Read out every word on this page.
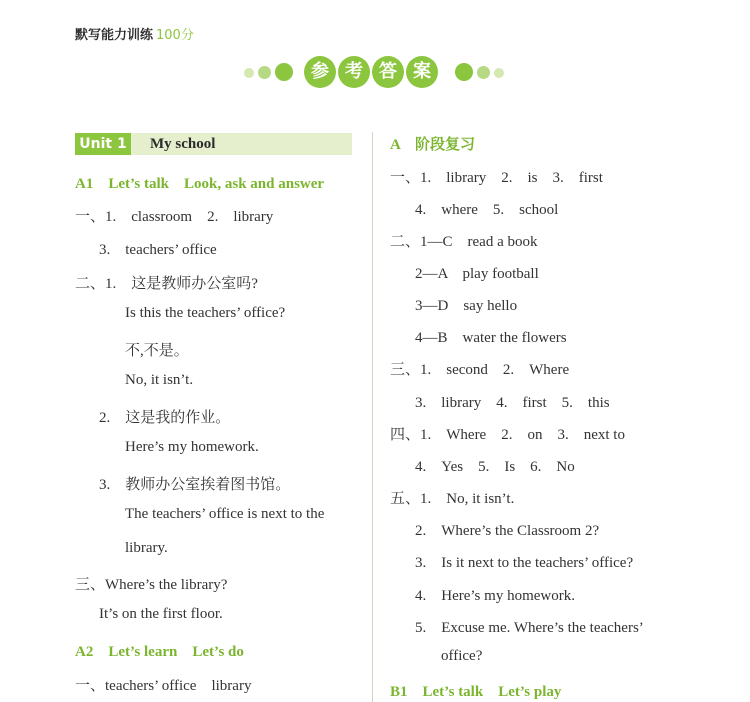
默写能力训练 100分
参 考 答 案
Unit 1 My school
A1　Let’s talk　Look, ask and answer
一、1.　classroom　2.　library
3.　teachers’ office
二、1.　这是教师办公室吗?
Is this the teachers’ office?
不,不是。
No, it isn’t.
2.　这是我的作业。
Here’s my homework.
3.　教师办公室挨着图书馆。
The teachers’ office is next to the
library.
三、Where’s the library?
It’s on the first floor.
A2　Let’s learn　Let’s do
一、teachers’ office　library
A　阶段复习
一、1.　library　2.　is　3.　first
4.　where　5.　school
二、1—C　read a book
2—A　play football
3—D　say hello
4—B　water the flowers
三、1.　second　2.　Where
3.　library　4.　first　5.　this
四、1.　Where　2.　on　3.　next to
4.　Yes　5.　Is　6.　No
五、1.　No, it isn’t.
2.　Where’s the Classroom 2?
3.　Is it next to the teachers’ office?
4.　Here’s my homework.
5.　Excuse me. Where’s the teachers’
office?
B1　Let’s talk　Let’s play
